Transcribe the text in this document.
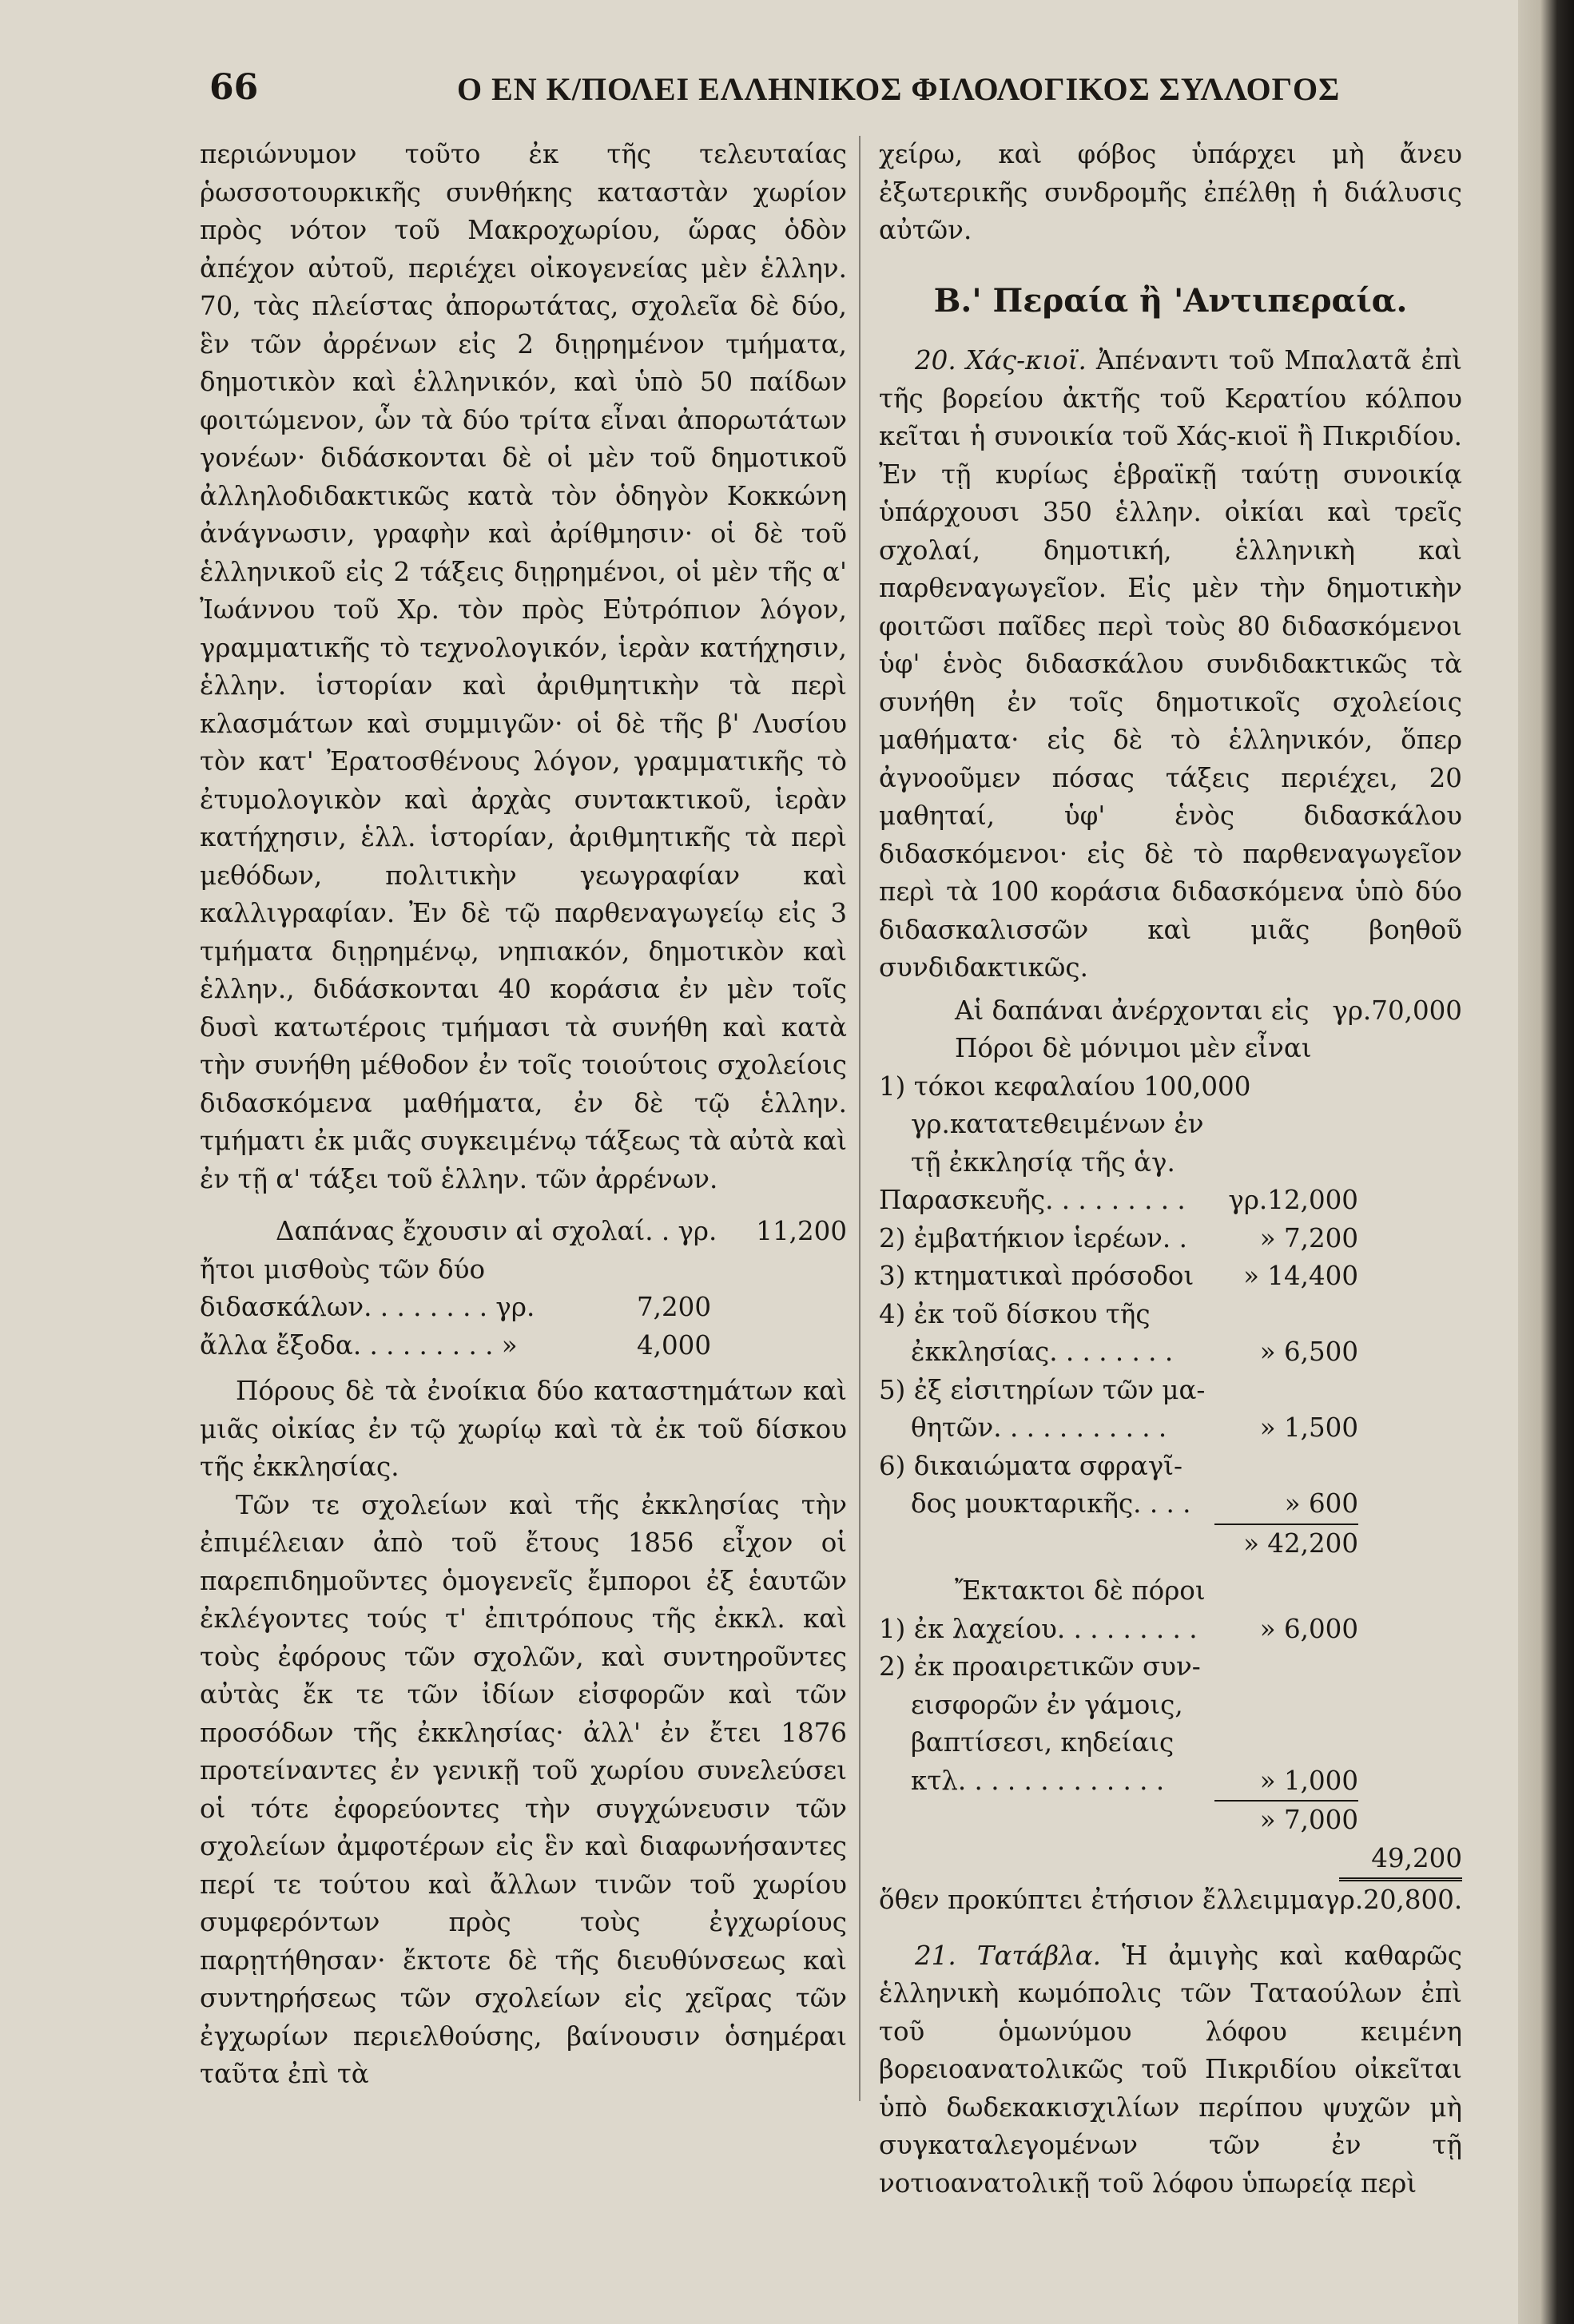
66	Ο ΕΝ Κ/ΠΟΛΕΙ ΕΛΛΗΝΙΚΟΣ ΦΙΛΟΛΟΓΙΚΟΣ ΣΥΛΛΟΓΟΣ

περιώνυμον τοῦτο ἐκ τῆς τελευταίας ῥωσσοτουρκικῆς συνθήκης καταστὰν χωρίον πρὸς νότον τοῦ Μακροχωρίου, ὥρας ὁδὸν ἀπέχον αὐτοῦ, περιέχει οἰκογενείας μὲν ἑλλην. 70, τὰς πλείστας ἀπορωτάτας, σχολεῖα δὲ δύο, ἓν τῶν ἀρρένων εἰς 2 διῃρημένον τμήματα, δημοτικὸν καὶ ἑλληνικόν, καὶ ὑπὸ 50 παίδων φοιτώμενον, ὧν τὰ δύο τρίτα εἶναι ἀπορωτάτων γονέων· διδάσκονται δὲ οἱ μὲν τοῦ δημοτικοῦ ἀλληλοδιδακτικῶς κατὰ τὸν ὁδηγὸν Κοκκώνη ἀνάγνωσιν, γραφὴν καὶ ἀρίθμησιν· οἱ δὲ τοῦ ἑλληνικοῦ εἰς 2 τάξεις διῃρημένοι, οἱ μὲν τῆς α' Ἰωάννου τοῦ Χρ. τὸν πρὸς Εὐτρόπιον λόγον, γραμματικῆς τὸ τεχνολογικόν, ἱερὰν κατήχησιν, ἑλλην. ἱστορίαν καὶ ἀριθμητικὴν τὰ περὶ κλασμάτων καὶ συμμιγῶν· οἱ δὲ τῆς β' Λυσίου τὸν κατ' Ἐρατοσθένους λόγον, γραμματικῆς τὸ ἐτυμολογικὸν καὶ ἀρχὰς συντακτικοῦ, ἱερὰν κατήχησιν, ἑλλ. ἱστορίαν, ἀριθμητικῆς τὰ περὶ μεθόδων, πολιτικὴν γεωγραφίαν καὶ καλλιγραφίαν. Ἐν δὲ τῷ παρθεναγωγείῳ εἰς 3 τμήματα διῃρημένῳ, νηπιακόν, δημοτικὸν καὶ ἑλλην., διδάσκονται 40 κοράσια ἐν μὲν τοῖς δυσὶ κατωτέροις τμήμασι τὰ συνήθη καὶ κατὰ τὴν συνήθη μέθοδον ἐν τοῖς τοιούτοις σχολείοις διδασκόμενα μαθήματα, ἐν δὲ τῷ ἑλλην. τμήματι ἐκ μιᾶς συγκειμένῳ τάξεως τὰ αὐτὰ καὶ ἐν τῇ α' τάξει τοῦ ἑλλην. τῶν ἀρρένων.

Δαπάνας ἔχουσιν αἱ σχολαί. . γρ.	11,200
ἤτοι μισθοὺς τῶν δύο
διδασκάλων. . . . . . . . γρ.	7,200
ἄλλα ἔξοδα. . . . . . . . . »	4,000

Πόρους δὲ τὰ ἐνοίκια δύο καταστημάτων καὶ μιᾶς οἰκίας ἐν τῷ χωρίῳ καὶ τὰ ἐκ τοῦ δίσκου τῆς ἐκκλησίας.

Τῶν τε σχολείων καὶ τῆς ἐκκλησίας τὴν ἐπιμέλειαν ἀπὸ τοῦ ἔτους 1856 εἶχον οἱ παρεπιδημοῦντες ὁμογενεῖς ἔμποροι ἐξ ἑαυτῶν ἐκλέγοντες τούς τ' ἐπιτρόπους τῆς ἐκκλ. καὶ τοὺς ἐφόρους τῶν σχολῶν, καὶ συντηροῦντες αὐτὰς ἔκ τε τῶν ἰδίων εἰσφορῶν καὶ τῶν προσόδων τῆς ἐκκλησίας· ἀλλ' ἐν ἔτει 1876 προτείναντες ἐν γενικῇ τοῦ χωρίου συνελεύσει οἱ τότε ἐφορεύοντες τὴν συγχώνευσιν τῶν σχολείων ἀμφοτέρων εἰς ἓν καὶ διαφωνήσαντες περί τε τούτου καὶ ἄλλων τινῶν τοῦ χωρίου συμφερόντων πρὸς τοὺς ἐγχωρίους παρῃτήθησαν· ἔκτοτε δὲ τῆς διευθύνσεως καὶ συντηρήσεως τῶν σχολείων εἰς χεῖρας τῶν ἐγχωρίων περιελθούσης, βαίνουσιν ὁσημέραι ταῦτα ἐπὶ τὰ

χείρω, καὶ φόβος ὑπάρχει μὴ ἄνευ ἐξωτερικῆς συνδρομῆς ἐπέλθῃ ἡ διάλυσις αὐτῶν.

Β.' Περαία ἢ 'Αντιπεραία.

20. Χάς-κιοϊ. Ἀπέναντι τοῦ Μπαλατᾶ ἐπὶ τῆς βορείου ἀκτῆς τοῦ Κερατίου κόλπου κεῖται ἡ συνοικία τοῦ Χάς-κιοϊ ἢ Πικριδίου. Ἐν τῇ κυρίως ἑβραϊκῇ ταύτῃ συνοικίᾳ ὑπάρχουσι 350 ἑλλην. οἰκίαι καὶ τρεῖς σχολαί, δημοτική, ἑλληνικὴ καὶ παρθεναγωγεῖον. Εἰς μὲν τὴν δημοτικὴν φοιτῶσι παῖδες περὶ τοὺς 80 διδασκόμενοι ὑφ' ἑνὸς διδασκάλου συνδιδακτικῶς τὰ συνήθη ἐν τοῖς δημοτικοῖς σχολείοις μαθήματα· εἰς δὲ τὸ ἑλληνικόν, ὅπερ ἀγνοοῦμεν πόσας τάξεις περιέχει, 20 μαθηταί, ὑφ' ἑνὸς διδασκάλου διδασκόμενοι· εἰς δὲ τὸ παρθεναγωγεῖον περὶ τὰ 100 κοράσια διδασκόμενα ὑπὸ δύο διδασκαλισσῶν καὶ μιᾶς βοηθοῦ συνδιδακτικῶς.

Αἱ δαπάναι ἀνέρχονται εἰς γρ.70,000
Πόροι δὲ μόνιμοι μὲν εἶναι
1) τόκοι κεφαλαίου 100,000
γρ.κατατεθειμένων ἐν
τῇ ἐκκλησίᾳ τῆς ἁγ.
Παρασκευῆς. . . . . . . . .	γρ.12,000
2) ἐμβατήκιον ἱερέων. .	» 7,200
3) κτηματικαὶ πρόσοδοι	» 14,400
4) ἐκ τοῦ δίσκου τῆς
ἐκκλησίας. . . . . . . .	» 6,500
5) ἐξ εἰσιτηρίων τῶν μα-
θητῶν. . . . . . . . . . .	» 1,500
6) δικαιώματα σφραγῖ-
δος μουκταρικῆς. . . .	» 600
» 42,200
Ἔκτακτοι δὲ πόροι
1) ἐκ λαχείου. . . . . . . . .	» 6,000
2) ἐκ προαιρετικῶν συν-
εισφορῶν ἐν γάμοις,
βαπτίσεσι, κηδείαις
κτλ. . . . . . . . . . . . .	» 1,000
» 7,000
49,200
ὅθεν προκύπτει ἐτήσιον ἔλλειμμα γρ.20,800.

21. Τατάβλα. Ἡ ἀμιγὴς καὶ καθαρῶς ἑλληνικὴ κωμόπολις τῶν Ταταούλων ἐπὶ τοῦ ὁμωνύμου λόφου κειμένη βορειοανατολικῶς τοῦ Πικριδίου οἰκεῖται ὑπὸ δωδεκακισχιλίων περίπου ψυχῶν μὴ συγκαταλεγομένων τῶν ἐν τῇ νοτιοανατολικῇ τοῦ λόφου ὑπωρείᾳ περὶ
